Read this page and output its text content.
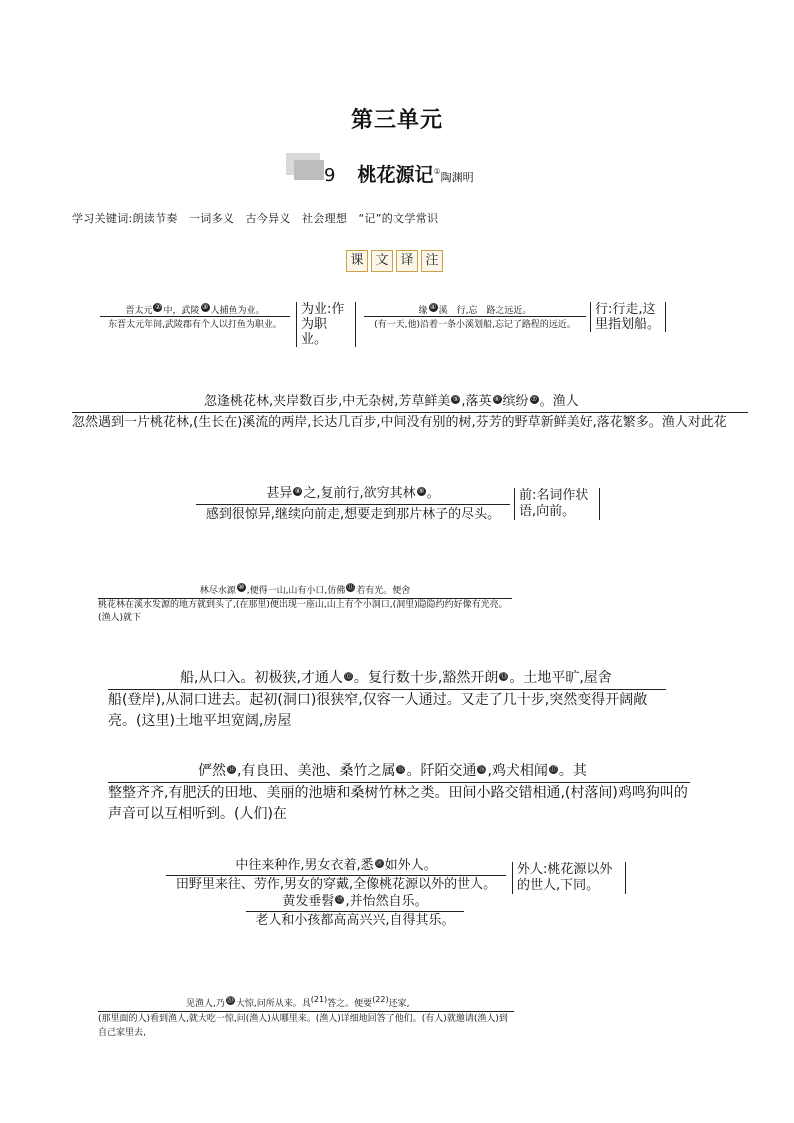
第三单元
9 桃花源记①陶渊明
学习关键词:朗读节奏　一词多义　古今异义　社会理想　“记”的文学常识
课 文 译 注
晋太元 ② 中，武陵 ③ 人捕鱼为业。
东晋太元年间,武陵郡有个人以打鱼为职业。
为业:作为职业。
缘 ④ 溪　行,忘　路之远近。
(有一天,他)沿着一条小溪划船,忘记了路程的远近。
行:行走,这里指划船。
忽逢桃花林,夹岸数百步,中无杂树,芳草鲜美 ⑤ ,落英 ⑥ 缤纷 ⑦ 。渔人
忽然遇到一片桃花林,(生长在)溪流的两岸,长达几百步,中间没有别的树,芬芳的野草新鲜美好,落花繁多。渔人对此花
甚异 ⑧ 之,复前行,欲穷其林 ⑨ 。
感到很惊异,继续向前走,想要走到那片林子的尽头。
前:名词作状语,向前。
林尽水源 ⑩ ,便得一山,山有小口,仿佛 ⑪ 若有光。便舍
桃花林在溪水发源的地方就到头了,(在那里)便出现一座山,山上有个小洞口,(洞里)隐隐约约好像有光亮。(渔人)就下
船,从口入。初极狭,才通人 ⑫ 。复行数十步,豁然开朗 ⑬ 。土地平旷,屋舍
船(登岸),从洞口进去。起初(洞口)很狭窄,仅容一人通过。又走了几十步,突然变得开阔敞亮。(这里)土地平坦宽阔,房屋
俨然 ⑭ ,有良田、美池、桑竹之属 ⑮ 。阡陌交通 ⑯ ,鸡犬相闻 ⑰ 。其
整整齐齐,有肥沃的田地、美丽的池塘和桑树竹林之类。田间小路交错相通,(村落间)鸡鸣狗叫的声音可以互相听到。(人们)在
中往来种作,男女衣着,悉 ⑱ 如外人。
田野里来往、劳作,男女的穿戴,全像桃花源以外的世人。
外人:桃花源以外的世人,下同。
黄发垂髫 ⑲ ,并怡然自乐。
老人和小孩都高高兴兴,自得其乐。
见渔人,乃 ⑳ 大惊,问所从来。具(21)答之。便要(22)还家,
(那里面的人)看到渔人,就大吃一惊,问(渔人)从哪里来。(渔人)详细地回答了他们。(有人)就邀请(渔人)到自己家里去,
